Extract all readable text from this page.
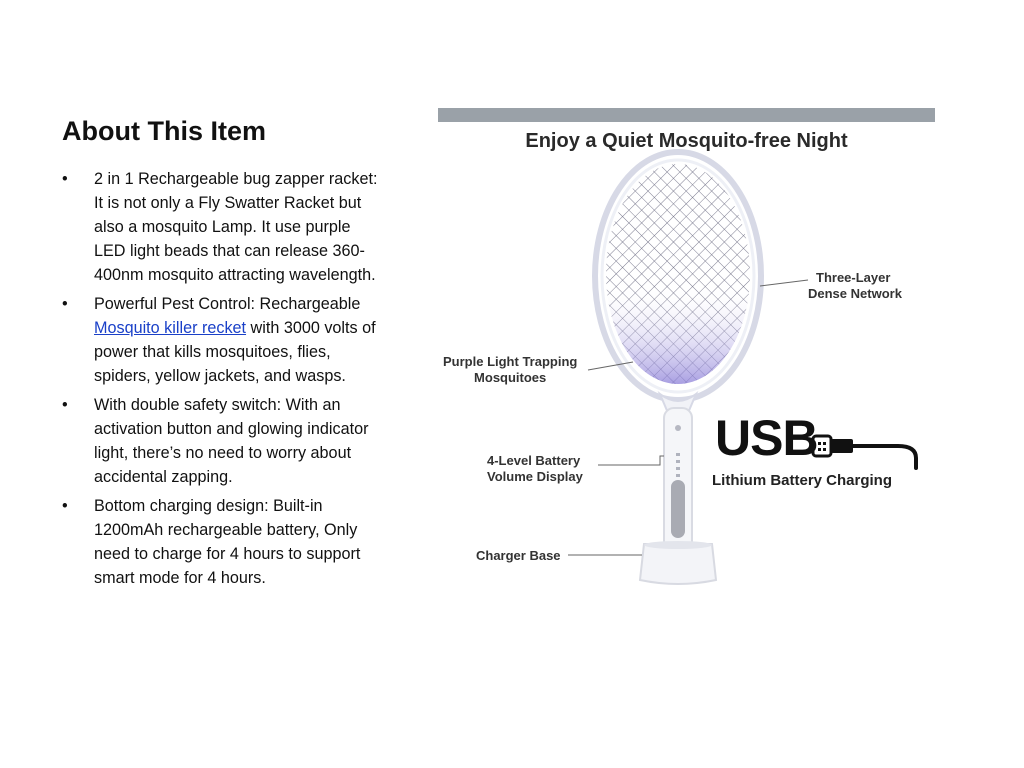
About This Item
• 2 in 1 Rechargeable bug zapper racket: It is not only a Fly Swatter Racket but also a mosquito Lamp. It use purple LED light beads that can release 360-400nm mosquito attracting wavelength.
• Powerful Pest Control: Rechargeable  Mosquito killer recket with 3000 volts of power that kills mosquitoes, flies, spiders, yellow jackets, and wasps.
• With double safety switch: With an activation button and glowing indicator light, there’s no need to worry about accidental zapping.
• Bottom charging design: Built-in 1200mAh rechargeable battery, Only need to charge for 4 hours to support smart mode for 4 hours.
Enjoy a Quiet Mosquito-free Night
Three-Layer
Dense Network
Purple Light Trapping
Mosquitoes
4-Level Battery
Volume Display
Charger Base
USB
Lithium Battery Charging
